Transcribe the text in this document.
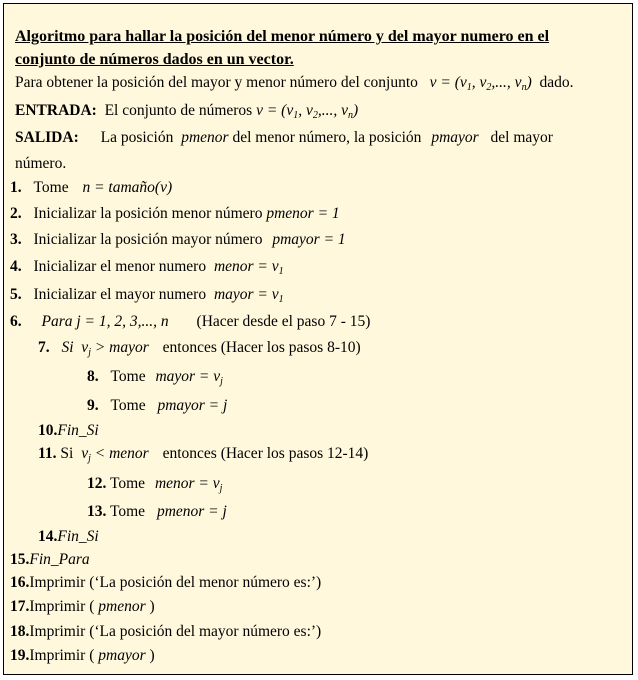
Algoritmo para hallar la posición del menor número y del mayor numero en el
conjunto de números dados en un vector.
Para obtener la posición del mayor y menor número del conjunto $v = (v_1$, $v_2$,..., $v_n$) dado.
ENTRADA: El conjunto de números $v = (v_1$, $v_2$,..., $v_n$)
SALIDA: La posición pmenor del menor número, la posición pmayor del mayor
número.
1. Tome n = tamaño(v)
2. Inicializar la posición menor número pmenor = 1
3. Inicializar la posición mayor número pmayor = 1
4. Inicializar el menor numero menor = $v_1$
5. Inicializar el mayor numero mayor = $v_1$
6. Para j = 1, 2, 3,..., n (Hacer desde el paso 7 - 15)
7. Si  $v_j$ > mayor entonces (Hacer los pasos 8-10)
8. Tome mayor = $v_j$
9. Tome pmayor = j
10.Fin_Si
11. Si $v_j$ < menor entonces (Hacer los pasos 12-14)
12. Tome menor = $v_j$
13. Tome pmenor = j
14.Fin_Si
15.Fin_Para
16.Imprimir (‘La posición del menor número es:’)
17.Imprimir ( pmenor )
18.Imprimir (‘La posición del mayor número es:’)
19.Imprimir ( pmayor )
